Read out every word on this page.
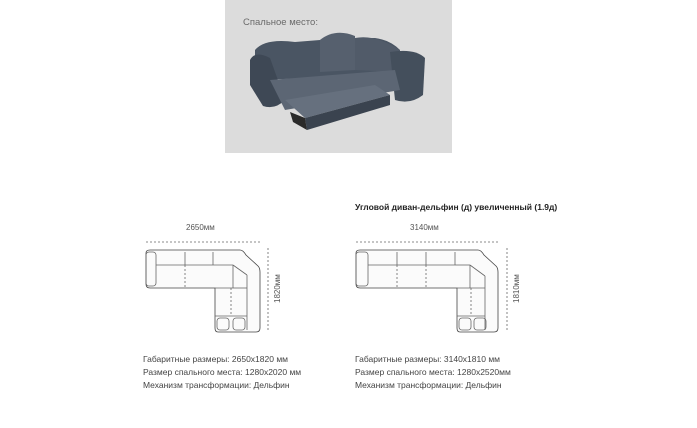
Спальное место:
Угловой диван-дельфин (д) увеличенный (1.9д)
2650мм	3140мм
1820мм	1810мм
Габаритные размеры: 2650х1820 мм
Размер спального места: 1280х2020 мм
Механизм трансформации: Дельфин
Габаритные размеры: 3140х1810 мм
Размер спального места: 1280х2520мм
Механизм трансформации: Дельфин
